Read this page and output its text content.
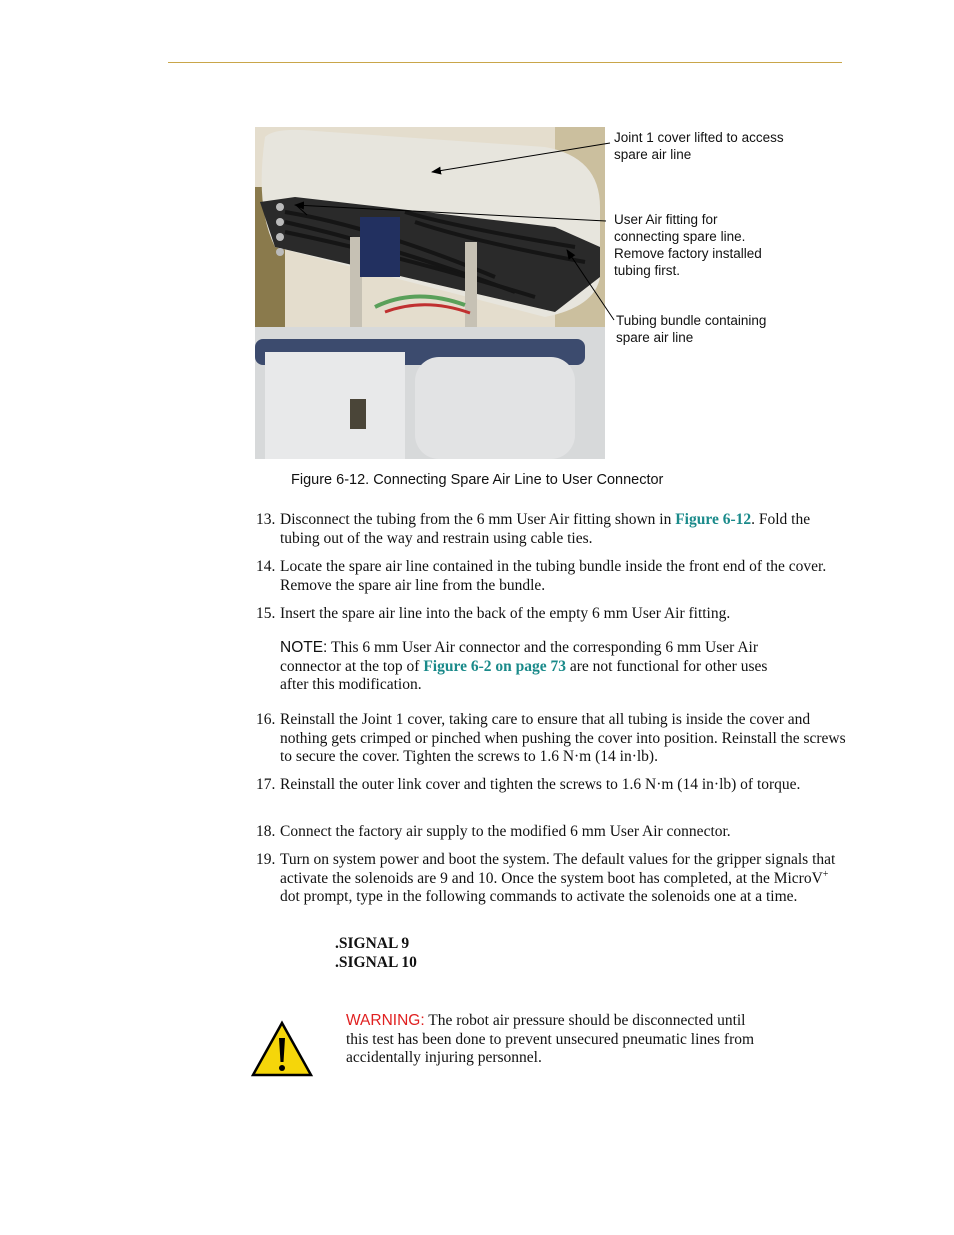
Joint 1 cover lifted to access spare air line
User Air fitting for connecting spare line. Remove factory installed tubing first.
Tubing bundle containing spare air line
Figure 6-12. Connecting Spare Air Line to User Connector
13. Disconnect the tubing from the 6 mm User Air fitting shown in Figure 6-12. Fold the tubing out of the way and restrain using cable ties.
14. Locate the spare air line contained in the tubing bundle inside the front end of the cover. Remove the spare air line from the bundle.
15. Insert the spare air line into the back of the empty 6 mm User Air fitting.
NOTE: This 6 mm User Air connector and the corresponding 6 mm User Air connector at the top of Figure 6-2 on page 73 are not functional for other uses after this modification.
16. Reinstall the Joint 1 cover, taking care to ensure that all tubing is inside the cover and nothing gets crimped or pinched when pushing the cover into position. Reinstall the screws to secure the cover. Tighten the screws to 1.6 N·m (14 in·lb).
17. Reinstall the outer link cover and tighten the screws to 1.6 N·m (14 in·lb) of torque.
18. Connect the factory air supply to the modified 6 mm User Air connector.
19. Turn on system power and boot the system. The default values for the gripper signals that activate the solenoids are 9 and 10. Once the system boot has completed, at the MicroV+ dot prompt, type in the following commands to activate the solenoids one at a time.
.SIGNAL 9
.SIGNAL 10
WARNING: The robot air pressure should be disconnected until this test has been done to prevent unsecured pneumatic lines from accidentally injuring personnel.
